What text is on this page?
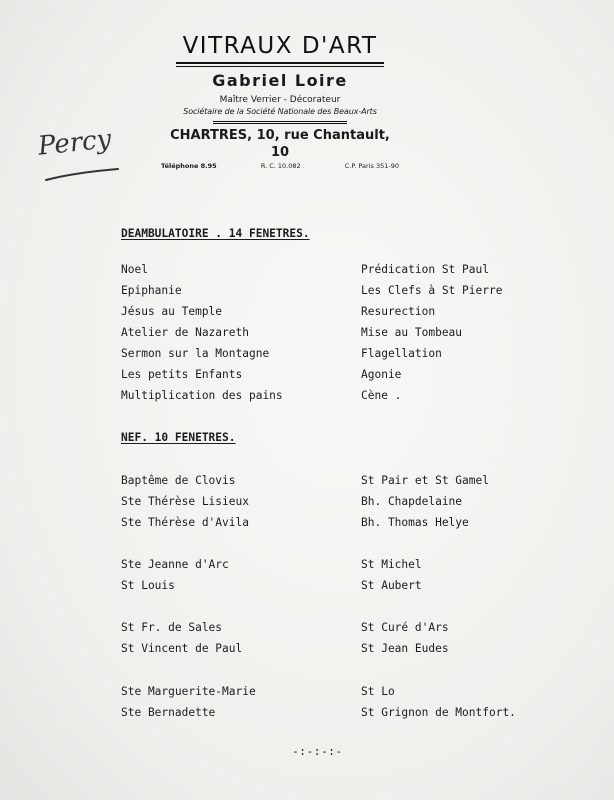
VITRAUX D'ART
Gabriel Loire
Maître Verrier - Décorateur
Sociétaire de la Société Nationale des Beaux-Arts
CHARTRES, 10, rue Chantault, 10
Téléphone 8.95	R. C. 10.082	C.P. Paris 351-90
Percy
DEAMBULATOIRE . 14 FENETRES.
Noel
Epiphanie
Jésus au Temple
Atelier de Nazareth
Sermon sur la Montagne
Les petits Enfants
Multiplication des pains
Prédication St Paul
Les Clefs à St Pierre
Resurection
Mise au Tombeau
Flagellation
Agonie
Cène .
NEF. 10 FENETRES.
Baptême de Clovis
Ste Thérèse Lisieux
Ste Thérèse d'Avila
Ste Jeanne d'Arc
St Louis
St Fr. de Sales
St Vincent de Paul
Ste Marguerite-Marie
Ste Bernadette
St Pair et St Gamel
Bh. Chapdelaine
Bh. Thomas Helye
St Michel
St Aubert
St Curé d'Ars
St Jean Eudes
St Lo
St Grignon de Montfort.
-:-:-:-
